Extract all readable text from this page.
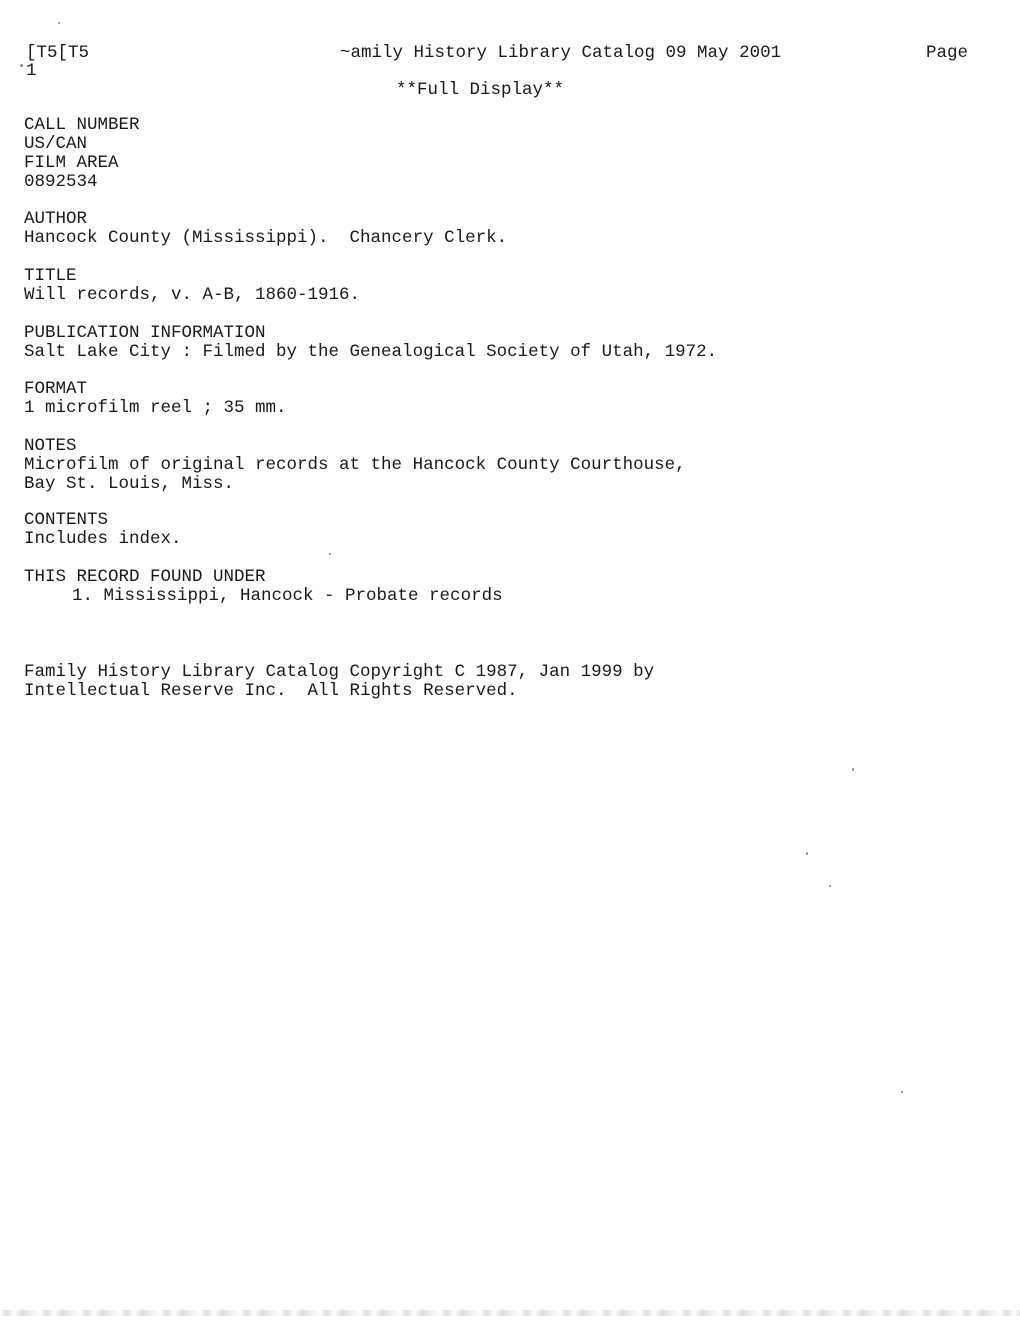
[T5[T5
1
~amily History Library Catalog 09 May 2001	Page
**Full Display**
CALL NUMBER
US/CAN
FILM AREA
0892534
AUTHOR
Hancock County (Mississippi).  Chancery Clerk.
TITLE
Will records, v. A-B, 1860-1916.
PUBLICATION INFORMATION
Salt Lake City : Filmed by the Genealogical Society of Utah, 1972.
FORMAT
1 microfilm reel ; 35 mm.
NOTES
Microfilm of original records at the Hancock County Courthouse,
Bay St. Louis, Miss.
CONTENTS
Includes index.
THIS RECORD FOUND UNDER
1. Mississippi, Hancock - Probate records
Family History Library Catalog Copyright C 1987, Jan 1999 by
Intellectual Reserve Inc.  All Rights Reserved.
